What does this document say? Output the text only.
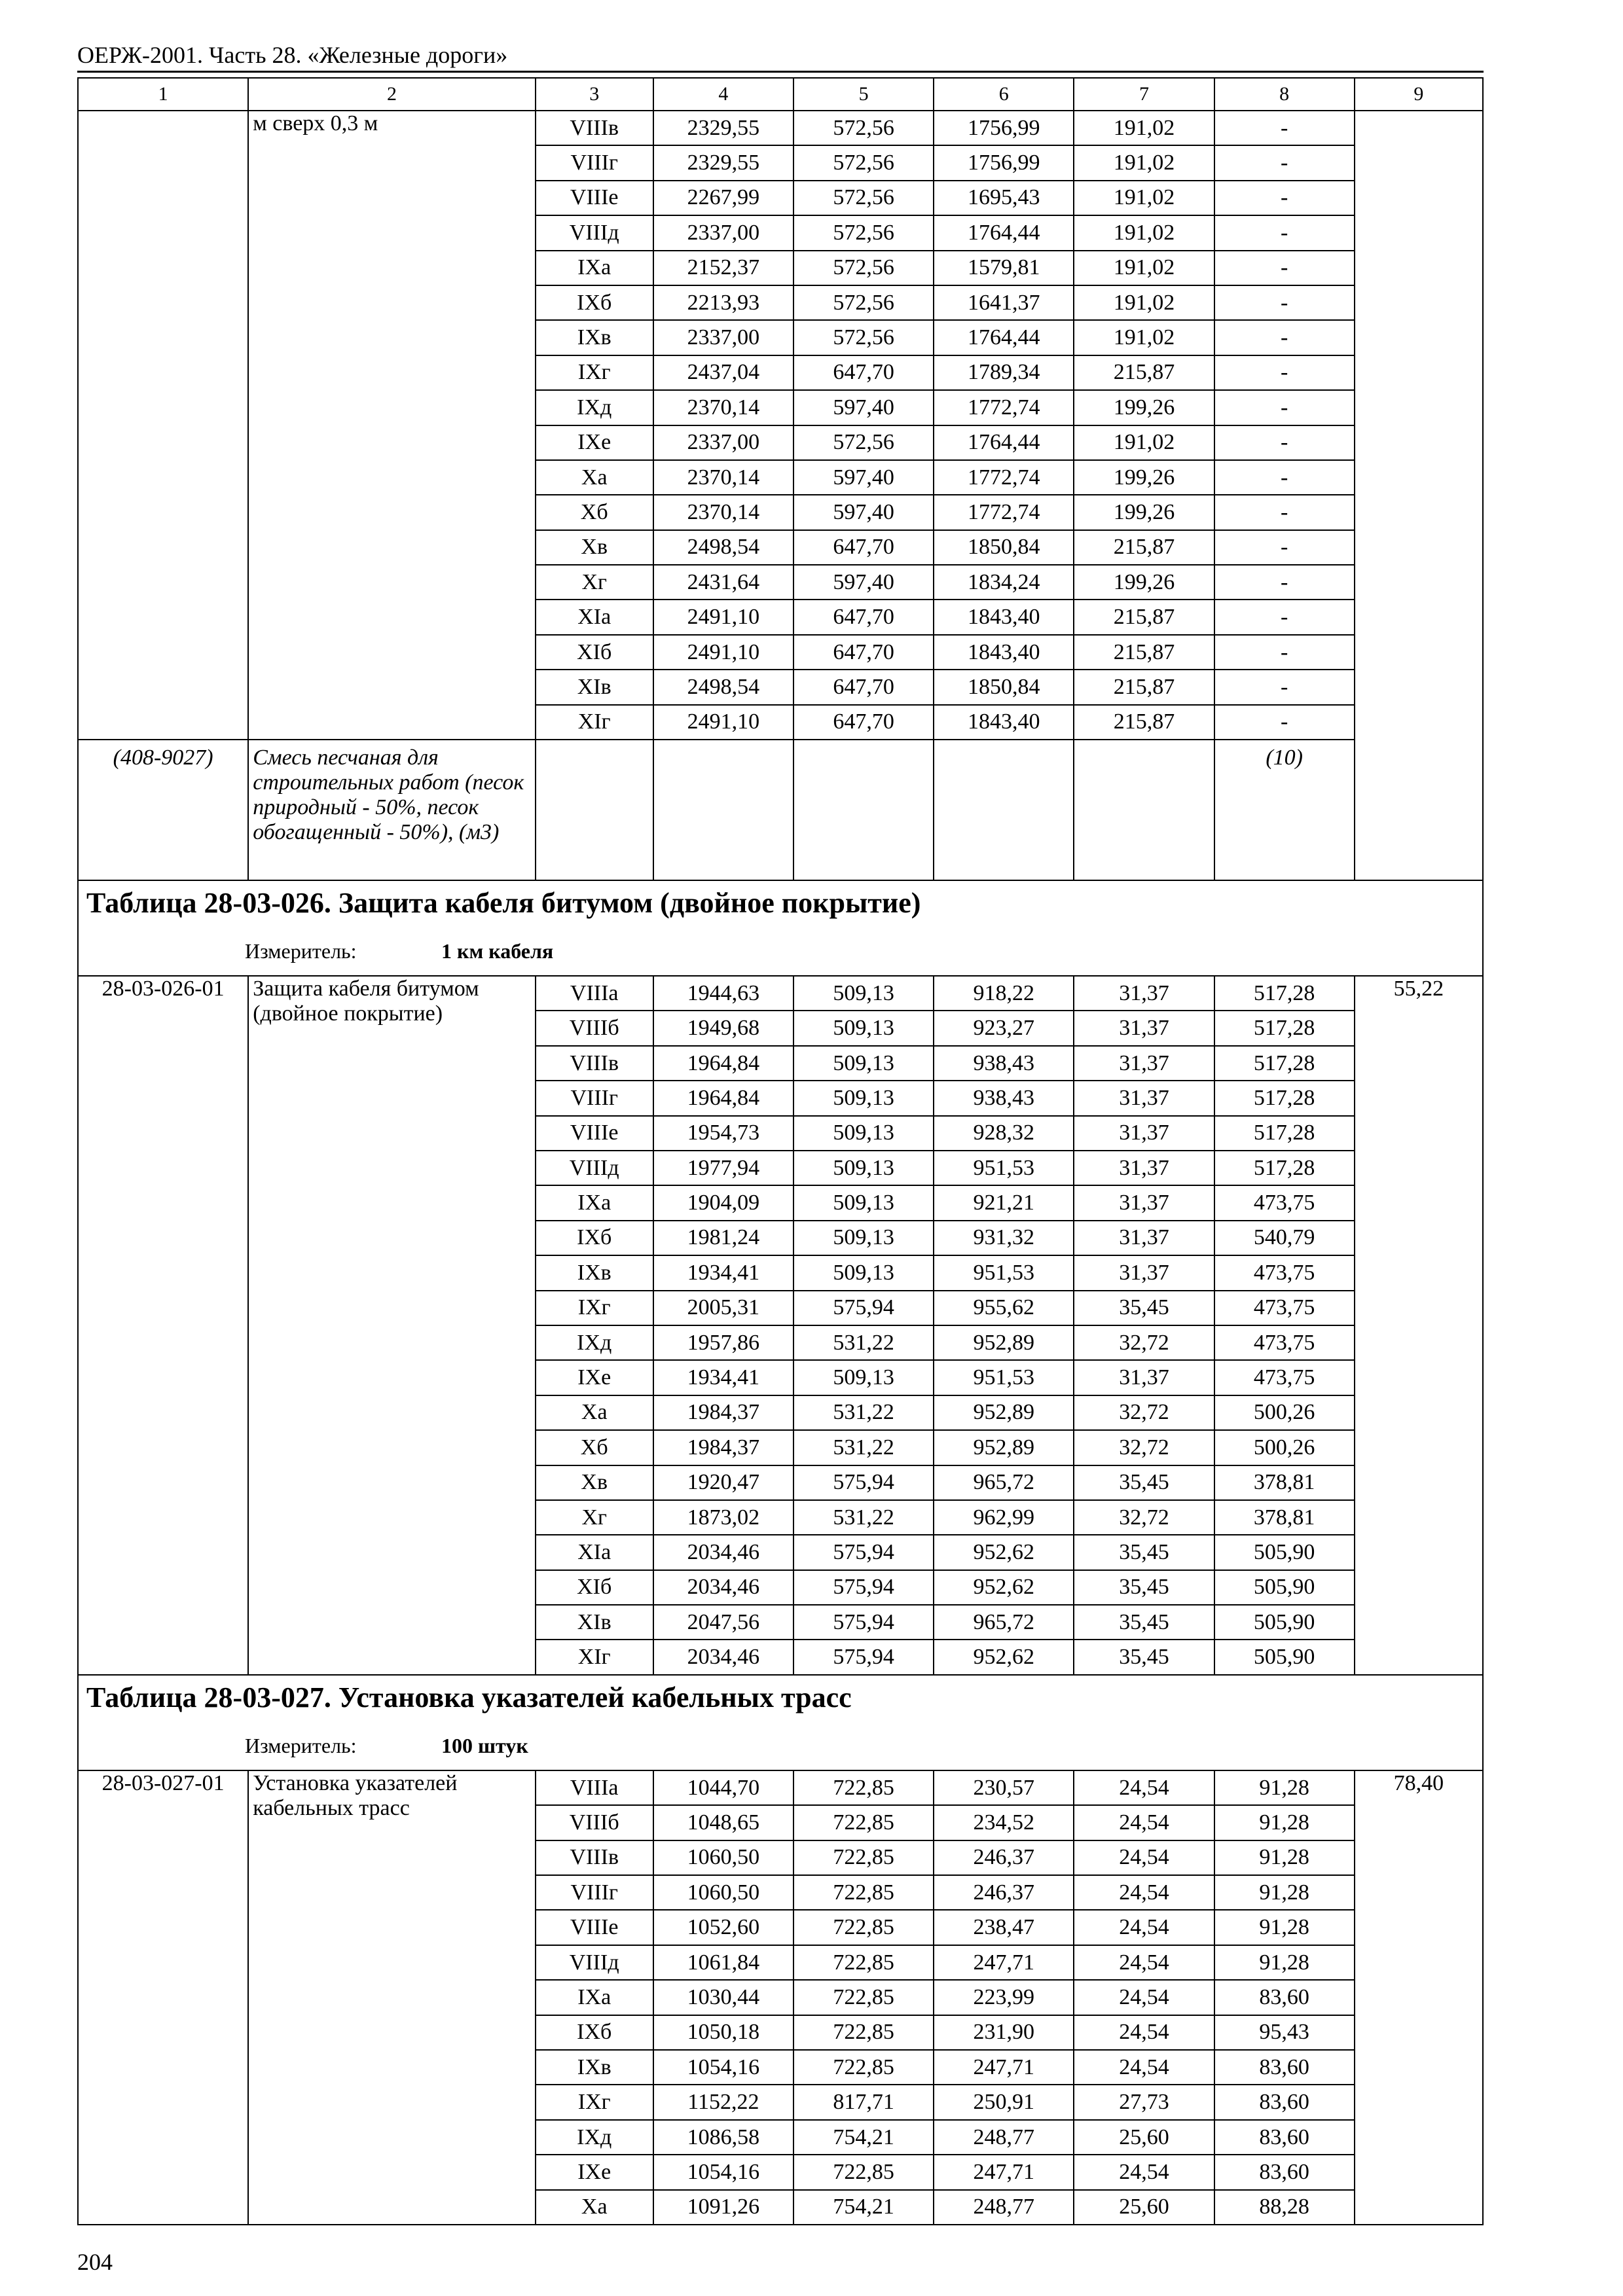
ОЕРЖ-2001. Часть 28. «Железные дороги»
1	2	3	4	5	6	7	8	9
	м сверх 0,3 м	VIIIв	2329,55	572,56	1756,99	191,02	-	
		VIIIг	2329,55	572,56	1756,99	191,02	-	
		VIIIе	2267,99	572,56	1695,43	191,02	-	
		VIIIд	2337,00	572,56	1764,44	191,02	-	
		IXа	2152,37	572,56	1579,81	191,02	-	
		IXб	2213,93	572,56	1641,37	191,02	-	
		IXв	2337,00	572,56	1764,44	191,02	-	
		IXг	2437,04	647,70	1789,34	215,87	-	
		IXд	2370,14	597,40	1772,74	199,26	-	
		IXе	2337,00	572,56	1764,44	191,02	-	
		Xа	2370,14	597,40	1772,74	199,26	-	
		Xб	2370,14	597,40	1772,74	199,26	-	
		Xв	2498,54	647,70	1850,84	215,87	-	
		Xг	2431,64	597,40	1834,24	199,26	-	
		XIа	2491,10	647,70	1843,40	215,87	-	
		XIб	2491,10	647,70	1843,40	215,87	-	
		XIв	2498,54	647,70	1850,84	215,87	-	
		XIг	2491,10	647,70	1843,40	215,87	-	
(408-9027)	Смесь песчаная для строительных работ (песок природный - 50%, песок обогащенный - 50%), (м3)						(10)	

Таблица 28-03-026. Защита кабеля битумом (двойное покрытие)								

Измеритель: 1 км кабеля								

28-03-026-01	Защита кабеля битумом (двойное покрытие)	VIIIа	1944,63	509,13	918,22	31,37	517,28	55,22
		VIIIб	1949,68	509,13	923,27	31,37	517,28	
		VIIIв	1964,84	509,13	938,43	31,37	517,28	
		VIIIг	1964,84	509,13	938,43	31,37	517,28	
		VIIIе	1954,73	509,13	928,32	31,37	517,28	
		VIIIд	1977,94	509,13	951,53	31,37	517,28	
		IXа	1904,09	509,13	921,21	31,37	473,75	
		IXб	1981,24	509,13	931,32	31,37	540,79	
		IXв	1934,41	509,13	951,53	31,37	473,75	
		IXг	2005,31	575,94	955,62	35,45	473,75	
		IXд	1957,86	531,22	952,89	32,72	473,75	
		IXе	1934,41	509,13	951,53	31,37	473,75	
		Xа	1984,37	531,22	952,89	32,72	500,26	
		Xб	1984,37	531,22	952,89	32,72	500,26	
		Xв	1920,47	575,94	965,72	35,45	378,81	
		Xг	1873,02	531,22	962,99	32,72	378,81	
		XIа	2034,46	575,94	952,62	35,45	505,90	
		XIб	2034,46	575,94	952,62	35,45	505,90	
		XIв	2047,56	575,94	965,72	35,45	505,90	
		XIг	2034,46	575,94	952,62	35,45	505,90	

Таблица 28-03-027. Установка указателей кабельных трасс								

Измеритель: 100 штук								

28-03-027-01	Установка указателей кабельных трасс	VIIIа	1044,70	722,85	230,57	24,54	91,28	78,40
		VIIIб	1048,65	722,85	234,52	24,54	91,28	
		VIIIв	1060,50	722,85	246,37	24,54	91,28	
		VIIIг	1060,50	722,85	246,37	24,54	91,28	
		VIIIе	1052,60	722,85	238,47	24,54	91,28	
		VIIIд	1061,84	722,85	247,71	24,54	91,28	
		IXа	1030,44	722,85	223,99	24,54	83,60	
		IXб	1050,18	722,85	231,90	24,54	95,43	
		IXв	1054,16	722,85	247,71	24,54	83,60	
		IXг	1152,22	817,71	250,91	27,73	83,60	
		IXд	1086,58	754,21	248,77	25,60	83,60	
		IXе	1054,16	722,85	247,71	24,54	83,60	
		Xа	1091,26	754,21	248,77	25,60	88,28	
204
